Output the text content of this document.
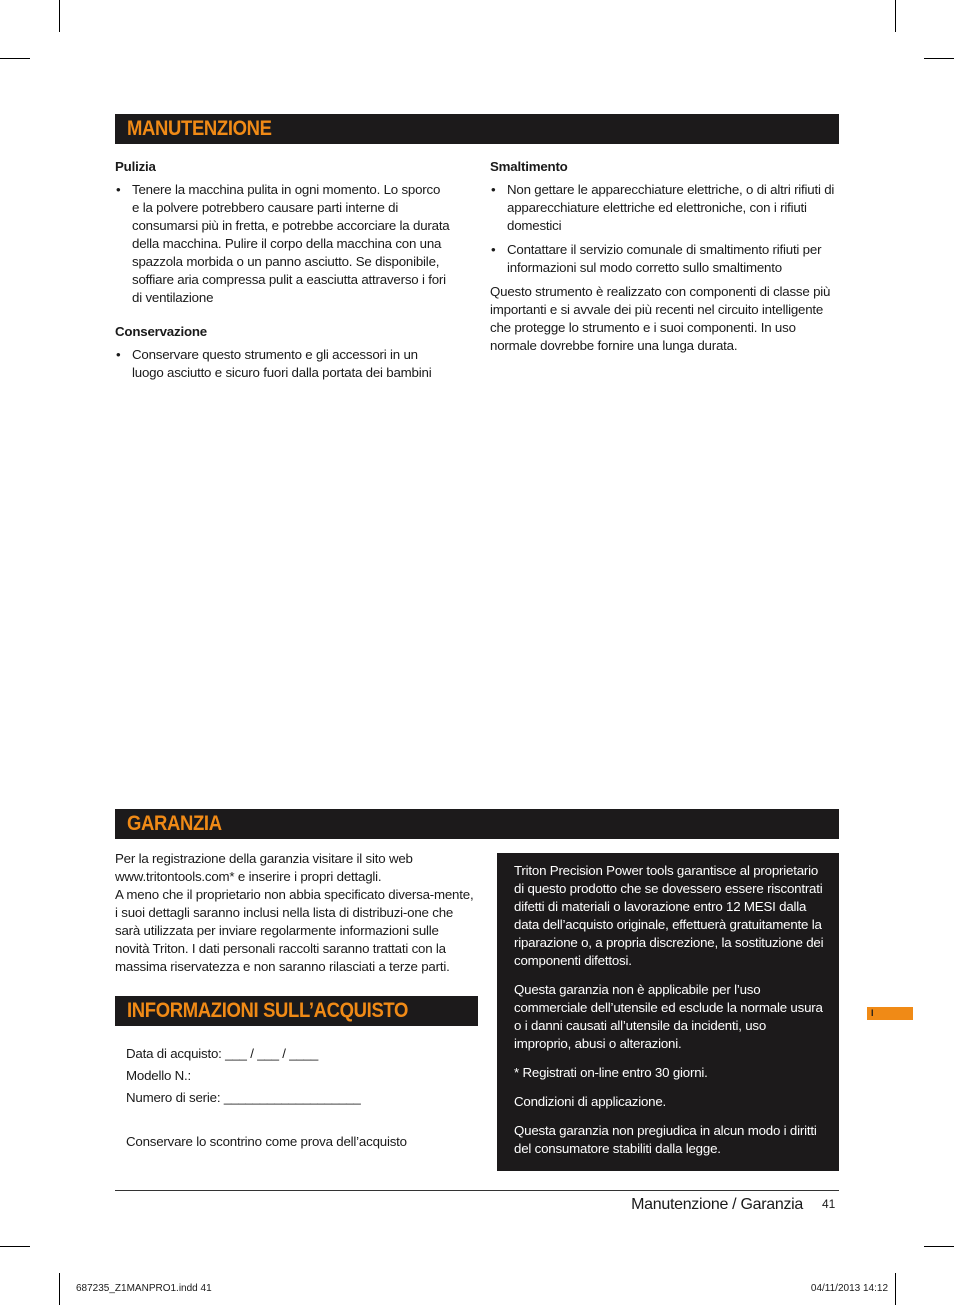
MANUTENZIONE
Pulizia
• Tenere la macchina pulita in ogni momento. Lo sporco e la polvere potrebbero causare parti interne di consumarsi più in fretta, e potrebbe accorciare la durata della macchina. Pulire il corpo della macchina con una spazzola morbida o un panno asciutto. Se disponibile, soffiare aria compressa pulit a easciutta attraverso i fori di ventilazione
Conservazione
• Conservare questo strumento e gli accessori in un luogo asciutto e sicuro fuori dalla portata dei bambini
Smaltimento
• Non gettare le apparecchiature elettriche, o di altri rifiuti di apparecchiature elettriche ed elettroniche, con i rifiuti domestici
• Contattare il servizio comunale di smaltimento rifiuti per informazioni sul modo corretto sullo smaltimento

Questo strumento è realizzato con componenti di classe più importanti e si avvale dei più recenti nel circuito intelligente che protegge lo strumento e i suoi componenti. In uso normale dovrebbe fornire una lunga durata.

GARANZIA

Per la registrazione della garanzia visitare il sito web www.tritontools.com* e inserire i propri dettagli.

A meno che il proprietario non abbia specificato diversa-mente, i suoi dettagli saranno inclusi nella lista di distribuzi-one che sarà utilizzata per inviare regolarmente informazioni sulle novità Triton. I dati personali raccolti saranno trattati con la massima riservatezza e non saranno rilasciati a terze parti.

Triton Precision Power tools garantisce al proprietario di questo prodotto che se dovessero essere riscontrati difetti di materiali o lavorazione entro 12 MESI dalla data dell’acquisto originale, effettuerà gratuitamente la riparazione o, a propria discrezione, la sostituzione dei componenti difettosi.

Questa garanzia non è applicabile per l’uso commerciale dell’utensile ed esclude la normale usura o i danni causati all’utensile da incidenti, uso improprio, abusi o alterazioni.

* Registrati on-line entro 30 giorni.

Condizioni di applicazione.

Questa garanzia non pregiudica in alcun modo i diritti del consumatore stabiliti dalla legge.

INFORMAZIONI SULL’ACQUISTO
Data di acquisto: ___ / ___ / ____
Modello N.:
Numero di serie: ___________________
Conservare lo scontrino come prova dell’acquisto
I
Manutenzione / Garanzia 41
687235_Z1MANPRO1.indd 41	04/11/2013 14:12
